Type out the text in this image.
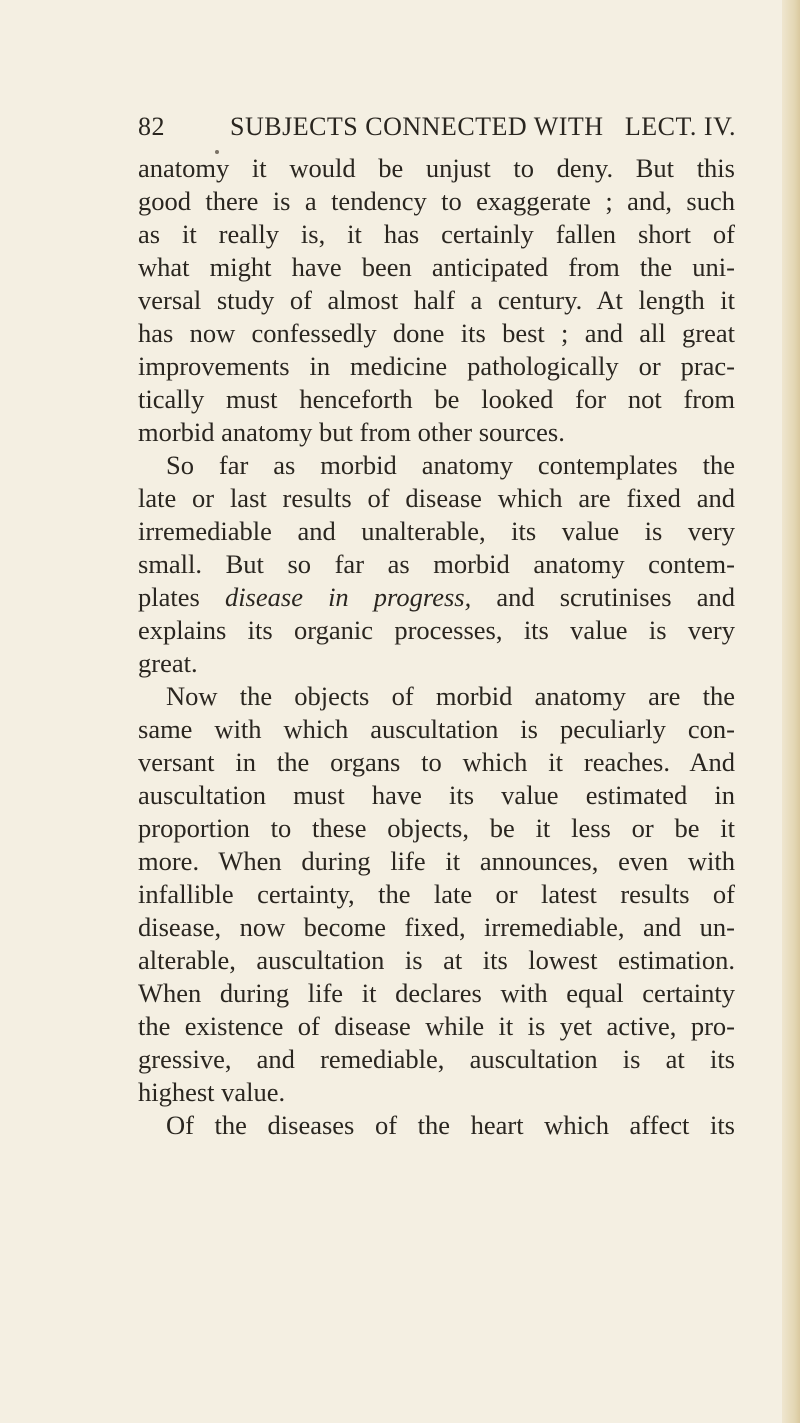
82	SUBJECTS CONNECTED WITH LECT. IV.
anatomy it would be unjust to deny. But this
good there is a tendency to exaggerate ; and, such
as it really is, it has certainly fallen short of
what might have been anticipated from the uni-
versal study of almost half a century. At length it
has now confessedly done its best ; and all great
improvements in medicine pathologically or prac-
tically must henceforth be looked for not from
morbid anatomy but from other sources.
So far as morbid anatomy contemplates the
late or last results of disease which are fixed and
irremediable and unalterable, its value is very
small. But so far as morbid anatomy contem-
plates disease in progress, and scrutinises and
explains its organic processes, its value is very
great.
Now the objects of morbid anatomy are the
same with which auscultation is peculiarly con-
versant in the organs to which it reaches. And
auscultation must have its value estimated in
proportion to these objects, be it less or be it
more. When during life it announces, even with
infallible certainty, the late or latest results of
disease, now become fixed, irremediable, and un-
alterable, auscultation is at its lowest estimation.
When during life it declares with equal certainty
the existence of disease while it is yet active, pro-
gressive, and remediable, auscultation is at its
highest value.
Of the diseases of the heart which affect its
